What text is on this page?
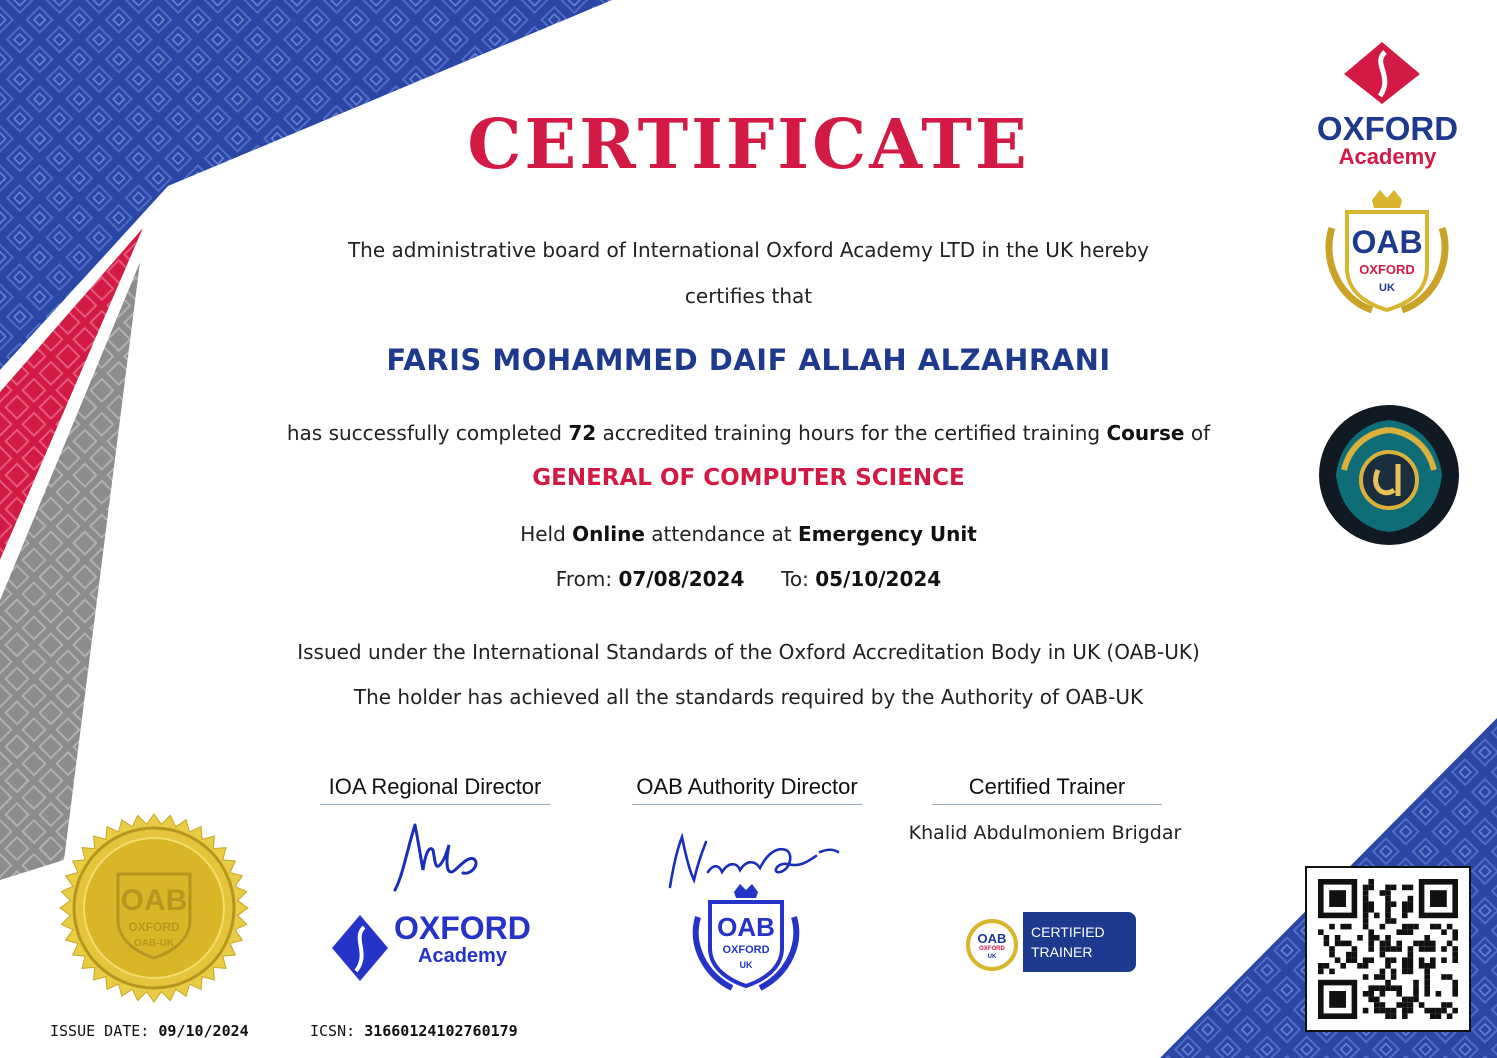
OXFORD
Academy
OAB
OXFORD
UK
CERTIFICATE
The administrative board of International Oxford Academy LTD in the UK hereby
certifies that
FARIS MOHAMMED DAIF ALLAH ALZAHRANI
has successfully completed 72 accredited training hours for the certified training Course of
GENERAL OF COMPUTER SCIENCE
Held Online attendance at Emergency Unit
From: 07/08/2024 To: 05/10/2024
Issued under the International Standards of the Oxford Accreditation Body in UK (OAB-UK)
The holder has achieved all the standards required by the Authority of OAB-UK
IOA Regional Director	OAB Authority Director	Certified Trainer
Khalid Abdulmoniem Brigdar
OXFORD
Academy
OAB
OXFORD
UK
OAB
OXFORD
UK
CERTIFIED
TRAINER
OAB
OXFORD
OAB-UK
ISSUE DATE: 09/10/2024	ICSN: 31660124102760179
